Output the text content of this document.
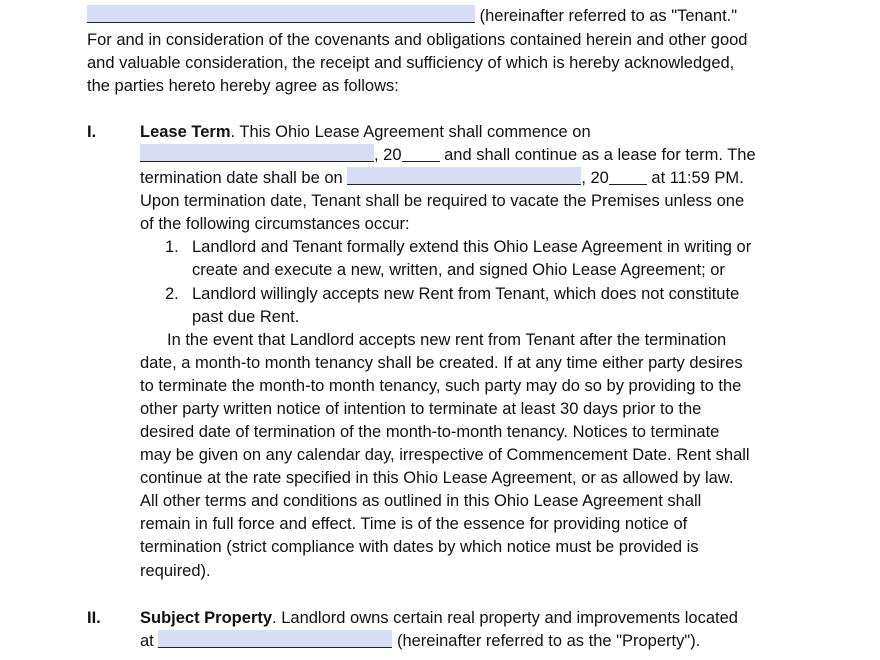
(hereinafter referred to as "Tenant."
For and in consideration of the covenants and obligations contained herein and other good
and valuable consideration, the receipt and sufficiency of which is hereby acknowledged,
the parties hereto hereby agree as follows:
I.	Lease Term. This Ohio Lease Agreement shall commence on
, 20 and shall continue as a lease for term. The
termination date shall be on	, 20 at 11:59 PM.
Upon termination date, Tenant shall be required to vacate the Premises unless one
of the following circumstances occur:
1. Landlord and Tenant formally extend this Ohio Lease Agreement in writing or
create and execute a new, written, and signed Ohio Lease Agreement; or
2. Landlord willingly accepts new Rent from Tenant, which does not constitute
past due Rent.
In the event that Landlord accepts new rent from Tenant after the termination
date, a month-to month tenancy shall be created. If at any time either party desires
to terminate the month-to month tenancy, such party may do so by providing to the
other party written notice of intention to terminate at least 30 days prior to the
desired date of termination of the month-to-month tenancy. Notices to terminate
may be given on any calendar day, irrespective of Commencement Date. Rent shall
continue at the rate specified in this Ohio Lease Agreement, or as allowed by law.
All other terms and conditions as outlined in this Ohio Lease Agreement shall
remain in full force and effect. Time is of the essence for providing notice of
termination (strict compliance with dates by which notice must be provided is
required).
II. Subject Property. Landlord owns certain real property and improvements located
at	(hereinafter referred to as the "Property").
